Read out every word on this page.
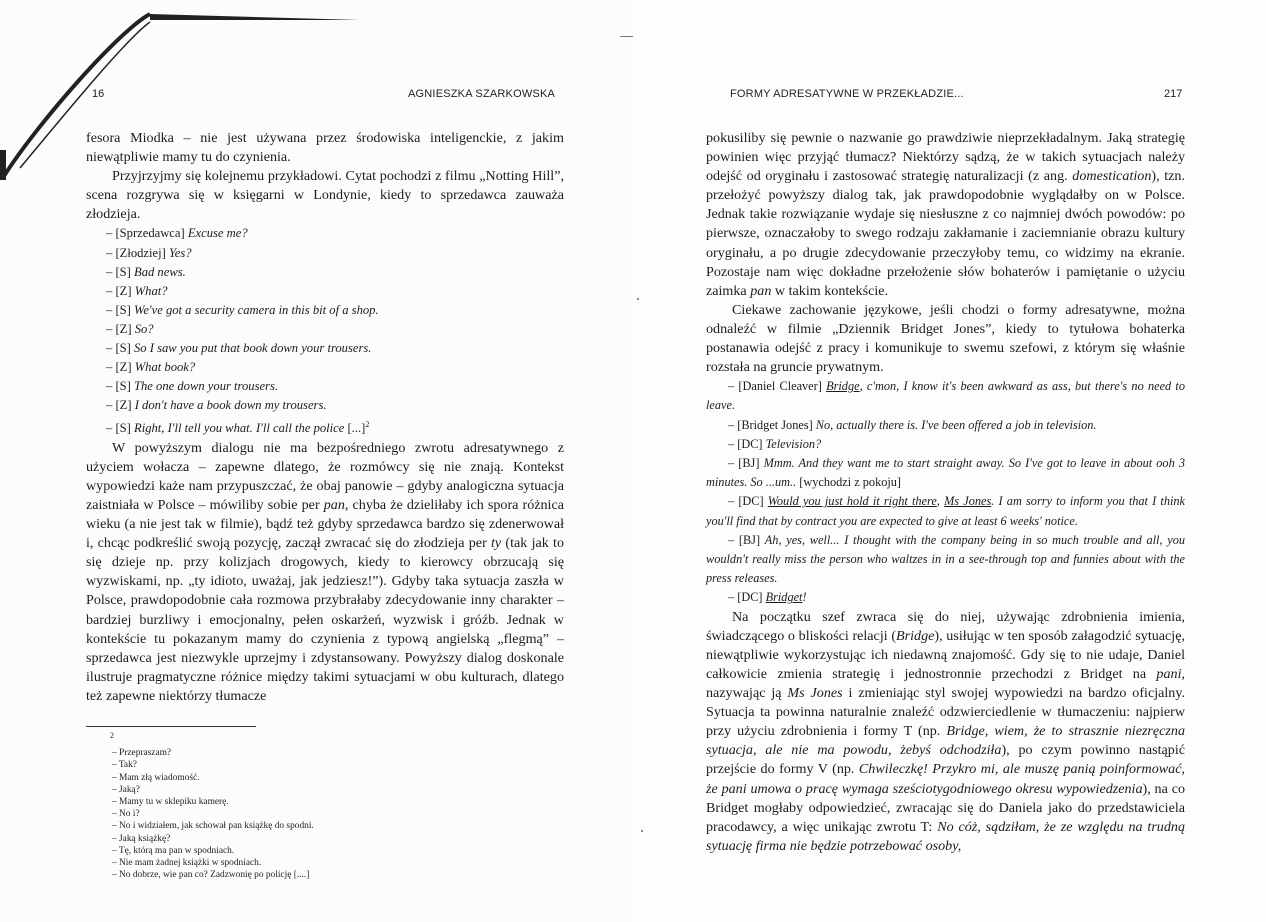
16	AGNIESZKA SZARKOWSKA

fesora Miodka – nie jest używana przez środowiska inteligenckie, z jakim niewątpliwie mamy tu do czynienia.

Przyjrzyjmy się kolejnemu przykładowi. Cytat pochodzi z filmu „Notting Hill”, scena rozgrywa się w księgarni w Londynie, kiedy to sprzedawca zauważa złodzieja.

– [Sprzedawca] Excuse me?

– [Złodziej] Yes?

– [S] Bad news.

– [Z] What?

– [S] We've got a security camera in this bit of a shop.

– [Z] So?

– [S] So I saw you put that book down your trousers.

– [Z] What book?

– [S] The one down your trousers.

– [Z] I don't have a book down my trousers.

– [S] Right, I'll tell you what. I'll call the police [...]$^2$

W powyższym dialogu nie ma bezpośredniego zwrotu adresatywnego z użyciem wołacza – zapewne dlatego, że rozmówcy się nie znają. Kontekst wypowiedzi każe nam przypuszczać, że obaj panowie – gdyby analogiczna sytuacja zaistniała w Polsce – mówiliby sobie per pan, chyba że dzieliłaby ich spora różnica wieku (a nie jest tak w filmie), bądź też gdyby sprzedawca bardzo się zdenerwował i, chcąc podkreślić swoją pozycję, zaczął zwracać się do złodzieja per ty (tak jak to się dzieje np. przy kolizjach drogowych, kiedy to kierowcy obrzucają się wyzwiskami, np. „ty idioto, uważaj, jak jedziesz!”). Gdyby taka sytuacja zaszła w Polsce, prawdopodobnie cała rozmowa przybrałaby zdecydowanie inny charakter – bardziej burzliwy i emocjonalny, pełen oskarżeń, wyzwisk i gróźb. Jednak w kontekście tu pokazanym mamy do czynienia z typową angielską „flegmą” – sprzedawca jest niezwykle uprzejmy i zdystansowany. Powyższy dialog doskonale ilustruje pragmatyczne różnice między takimi sytuacjami w obu kulturach, dlatego też zapewne niektórzy tłumacze

2
– Przepraszam?
– Tak?
– Mam złą wiadomość.
– Jaką?
– Mamy tu w sklepiku kamerę.
– No i?
– No i widziałem, jak schował pan książkę do spodni.
– Jaką książkę?
– Tę, którą ma pan w spodniach.
– Nie mam żadnej książki w spodniach.
– No dobrze, wie pan co? Zadzwonię po policję [....]
FORMY ADRESATYWNE W PRZEKŁADZIE...	217

pokusiliby się pewnie o nazwanie go prawdziwie nieprzekładalnym. Jaką strategię powinien więc przyjąć tłumacz? Niektórzy sądzą, że w takich sytuacjach należy odejść od oryginału i zastosować strategię naturalizacji (z ang. domestication), tzn. przełożyć powyższy dialog tak, jak prawdopodobnie wyglądałby on w Polsce. Jednak takie rozwiązanie wydaje się niesłuszne z co najmniej dwóch powodów: po pierwsze, oznaczałoby to swego rodzaju zakłamanie i zaciemnianie obrazu kultury oryginału, a po drugie zdecydowanie przeczyłoby temu, co widzimy na ekranie. Pozostaje nam więc dokładne przełożenie słów bohaterów i pamiętanie o użyciu zaimka pan w takim kontekście.

Ciekawe zachowanie językowe, jeśli chodzi o formy adresatywne, można odnaleźć w filmie „Dziennik Bridget Jones”, kiedy to tytułowa bohaterka postanawia odejść z pracy i komunikuje to swemu szefowi, z którym się właśnie rozstała na gruncie prywatnym.

– [Daniel Cleaver] Bridge, c'mon, I know it's been awkward as ass, but there's no need to leave.

– [Bridget Jones] No, actually there is. I've been offered a job in television.

– [DC] Television?

– [BJ] Mmm. And they want me to start straight away. So I've got to leave in about ooh 3 minutes. So ...um.. [wychodzi z pokoju]

– [DC] Would you just hold it right there, Ms Jones. I am sorry to inform you that I think you'll find that by contract you are expected to give at least 6 weeks' notice.

– [BJ] Ah, yes, well... I thought with the company being in so much trouble and all, you wouldn't really miss the person who waltzes in in a see-through top and funnies about with the press releases.

– [DC] Bridget!

Na początku szef zwraca się do niej, używając zdrobnienia imienia, świadczącego o bliskości relacji (Bridge), usiłując w ten sposób załagodzić sytuację, niewątpliwie wykorzystując ich niedawną znajomość. Gdy się to nie udaje, Daniel całkowicie zmienia strategię i jednostronnie przechodzi z Bridget na pani, nazywając ją Ms Jones i zmieniając styl swojej wypowiedzi na bardzo oficjalny. Sytuacja ta powinna naturalnie znaleźć odzwierciedlenie w tłumaczeniu: najpierw przy użyciu zdrobnienia i formy T (np. Bridge, wiem, że to strasznie niezręczna sytuacja, ale nie ma powodu, żebyś odchodziła), po czym powinno nastąpić przejście do formy V (np. Chwileczkę! Przykro mi, ale muszę panią poinformować, że pani umowa o pracę wymaga sześciotygodniowego okresu wypowiedzenia), na co Bridget mogłaby odpowiedzieć, zwracając się do Daniela jako do przedstawiciela pracodawcy, a więc unikając zwrotu T: No cóż, sądziłam, że ze względu na trudną sytuację firma nie będzie potrzebować osoby,
